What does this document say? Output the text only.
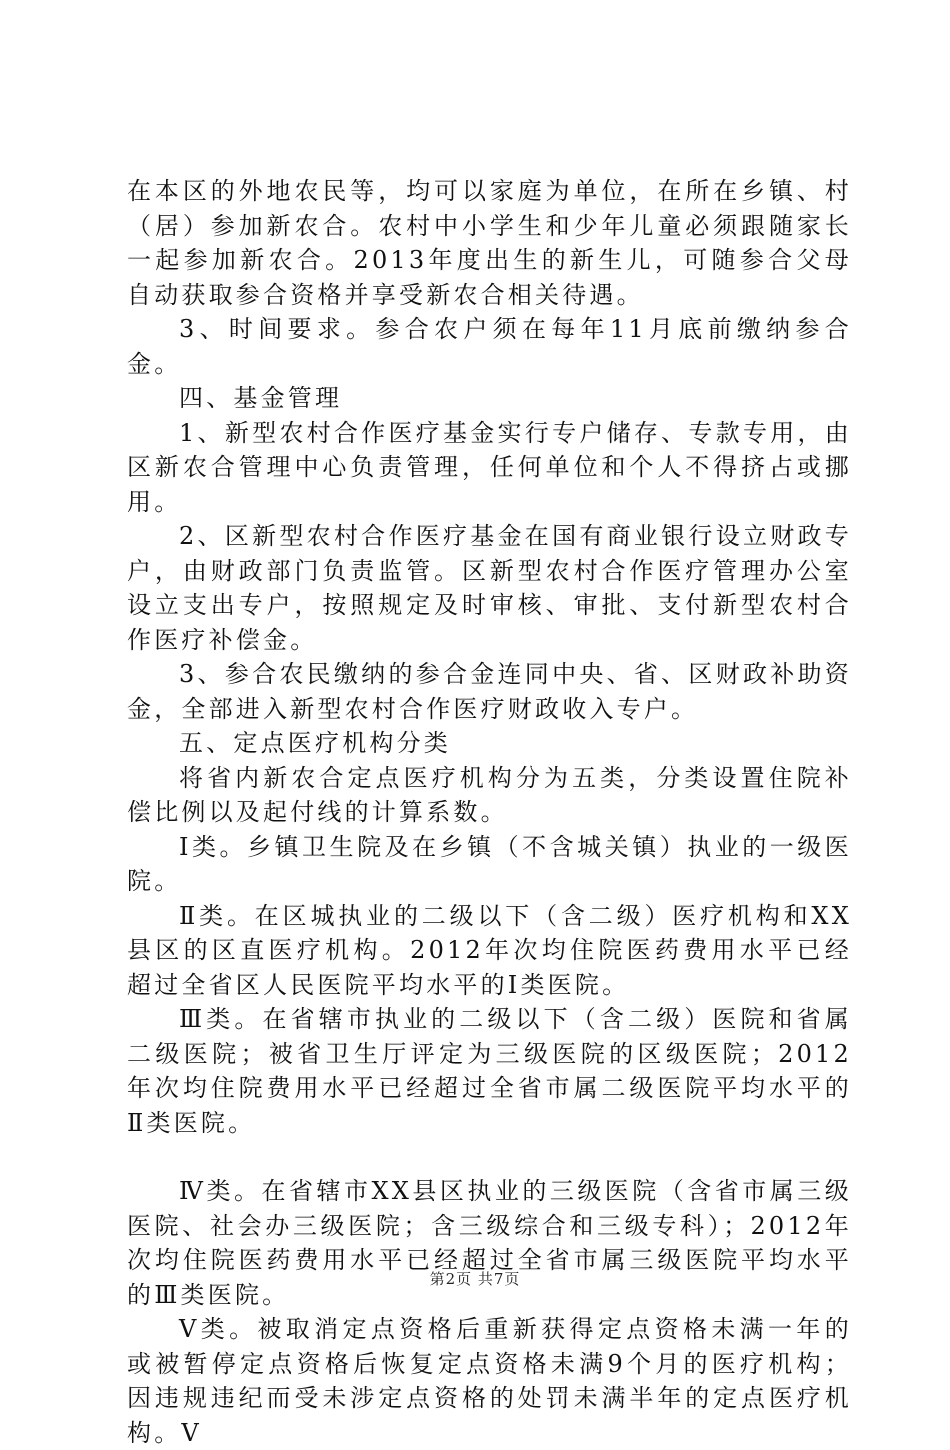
在本区的外地农民等，均可以家庭为单位，在所在乡镇、村（居）参加新农合。农村中小学生和少年儿童必须跟随家长一起参加新农合。2013年度出生的新生儿，可随参合父母自动获取参合资格并享受新农合相关待遇。

3、时间要求。参合农户须在每年11月底前缴纳参合金。

四、基金管理

1、新型农村合作医疗基金实行专户储存、专款专用，由区新农合管理中心负责管理，任何单位和个人不得挤占或挪用。

2、区新型农村合作医疗基金在国有商业银行设立财政专户，由财政部门负责监管。区新型农村合作医疗管理办公室设立支出专户，按照规定及时审核、审批、支付新型农村合作医疗补偿金。

3、参合农民缴纳的参合金连同中央、省、区财政补助资金，全部进入新型农村合作医疗财政收入专户。

五、定点医疗机构分类

将省内新农合定点医疗机构分为五类，分类设置住院补偿比例以及起付线的计算系数。

Ⅰ类。乡镇卫生院及在乡镇（不含城关镇）执业的一级医院。

Ⅱ类。在区城执业的二级以下（含二级）医疗机构和XX县区的区直医疗机构。2012年次均住院医药费用水平已经超过全省区人民医院平均水平的Ⅰ类医院。

Ⅲ类。在省辖市执业的二级以下（含二级）医院和省属二级医院；被省卫生厅评定为三级医院的区级医院；2012年次均住院费用水平已经超过全省市属二级医院平均水平的Ⅱ类医院。

Ⅳ类。在省辖市XX县区执业的三级医院（含省市属三级医院、社会办三级医院；含三级综合和三级专科）；2012年次均住院医药费用水平已经超过全省市属三级医院平均水平的Ⅲ类医院。

Ⅴ类。被取消定点资格后重新获得定点资格未满一年的或被暂停定点资格后恢复定点资格未满9个月的医疗机构；因违规违纪而受未涉定点资格的处罚未满半年的定点医疗机构。Ⅴ

第2页 共7页
